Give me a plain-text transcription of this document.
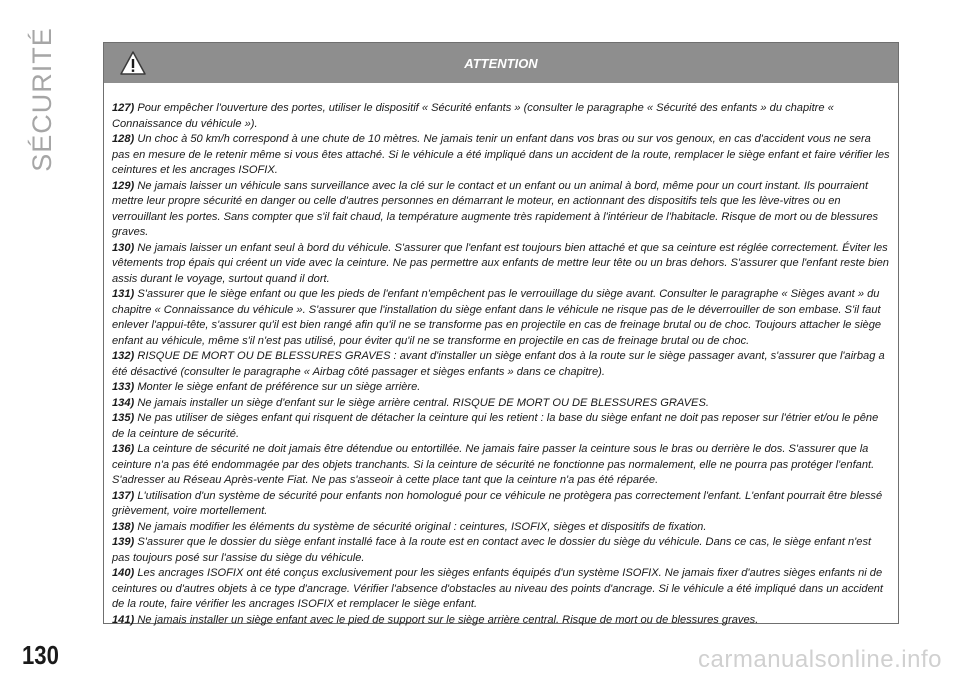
SÉCURITÉ	ATTENTION

127) Pour empêcher l'ouverture des portes, utiliser le dispositif « Sécurité enfants » (consulter le paragraphe « Sécurité des enfants » du chapitre « Connaissance du véhicule »).

128) Un choc à 50 km/h correspond à une chute de 10 mètres. Ne jamais tenir un enfant dans vos bras ou sur vos genoux, en cas d'accident vous ne sera pas en mesure de le retenir même si vous êtes attaché. Si le véhicule a été impliqué dans un accident de la route, remplacer le siège enfant et faire vérifier les ceintures et les ancrages ISOFIX.

129) Ne jamais laisser un véhicule sans surveillance avec la clé sur le contact et un enfant ou un animal à bord, même pour un court instant. Ils pourraient mettre leur propre sécurité en danger ou celle d'autres personnes en démarrant le moteur, en actionnant des dispositifs tels que les lève-vitres ou en verrouillant les portes. Sans compter que s'il fait chaud, la température augmente très rapidement à l'intérieur de l'habitacle. Risque de mort ou de blessures graves.

130) Ne jamais laisser un enfant seul à bord du véhicule. S'assurer que l'enfant est toujours bien attaché et que sa ceinture est réglée correctement. Éviter les vêtements trop épais qui créent un vide avec la ceinture. Ne pas permettre aux enfants de mettre leur tête ou un bras dehors. S'assurer que l'enfant reste bien assis durant le voyage, surtout quand il dort.

131) S'assurer que le siège enfant ou que les pieds de l'enfant n'empêchent pas le verrouillage du siège avant. Consulter le paragraphe « Sièges avant » du chapitre « Connaissance du véhicule ». S'assurer que l'installation du siège enfant dans le véhicule ne risque pas de le déverrouiller de son embase. S'il faut enlever l'appui-tête, s'assurer qu'il est bien rangé afin qu'il ne se transforme pas en projectile en cas de freinage brutal ou de choc. Toujours attacher le siège enfant au véhicule, même s'il n'est pas utilisé, pour éviter qu'il ne se transforme en projectile en cas de freinage brutal ou de choc.

132) RISQUE DE MORT OU DE BLESSURES GRAVES : avant d'installer un siège enfant dos à la route sur le siège passager avant, s'assurer que l'airbag a été désactivé (consulter le paragraphe « Airbag côté passager et sièges enfants » dans ce chapitre).

133) Monter le siège enfant de préférence sur un siège arrière.

134) Ne jamais installer un siège d'enfant sur le siège arrière central. RISQUE DE MORT OU DE BLESSURES GRAVES.

135) Ne pas utiliser de sièges enfant qui risquent de détacher la ceinture qui les retient : la base du siège enfant ne doit pas reposer sur l'étrier et/ou le pêne de la ceinture de sécurité.

136) La ceinture de sécurité ne doit jamais être détendue ou entortillée. Ne jamais faire passer la ceinture sous le bras ou derrière le dos. S'assurer que la ceinture n'a pas été endommagée par des objets tranchants. Si la ceinture de sécurité ne fonctionne pas normalement, elle ne pourra pas protéger l'enfant. S'adresser au Réseau Après-vente Fiat. Ne pas s'asseoir à cette place tant que la ceinture n'a pas été réparée.

137) L'utilisation d'un système de sécurité pour enfants non homologué pour ce véhicule ne protègera pas correctement l'enfant. L'enfant pourrait être blessé grièvement, voire mortellement.

138) Ne jamais modifier les éléments du système de sécurité original : ceintures, ISOFIX, sièges et dispositifs de fixation.

139) S'assurer que le dossier du siège enfant installé face à la route est en contact avec le dossier du siège du véhicule. Dans ce cas, le siège enfant n'est pas toujours posé sur l'assise du siège du véhicule.

140) Les ancrages ISOFIX ont été conçus exclusivement pour les sièges enfants équipés d'un système ISOFIX. Ne jamais fixer d'autres sièges enfants ni de ceintures ou d'autres objets à ce type d'ancrage. Vérifier l'absence d'obstacles au niveau des points d'ancrage. Si le véhicule a été impliqué dans un accident de la route, faire vérifier les ancrages ISOFIX et remplacer le siège enfant.

141) Ne jamais installer un siège enfant avec le pied de support sur le siège arrière central. Risque de mort ou de blessures graves.

130	carmanualsonline.info
